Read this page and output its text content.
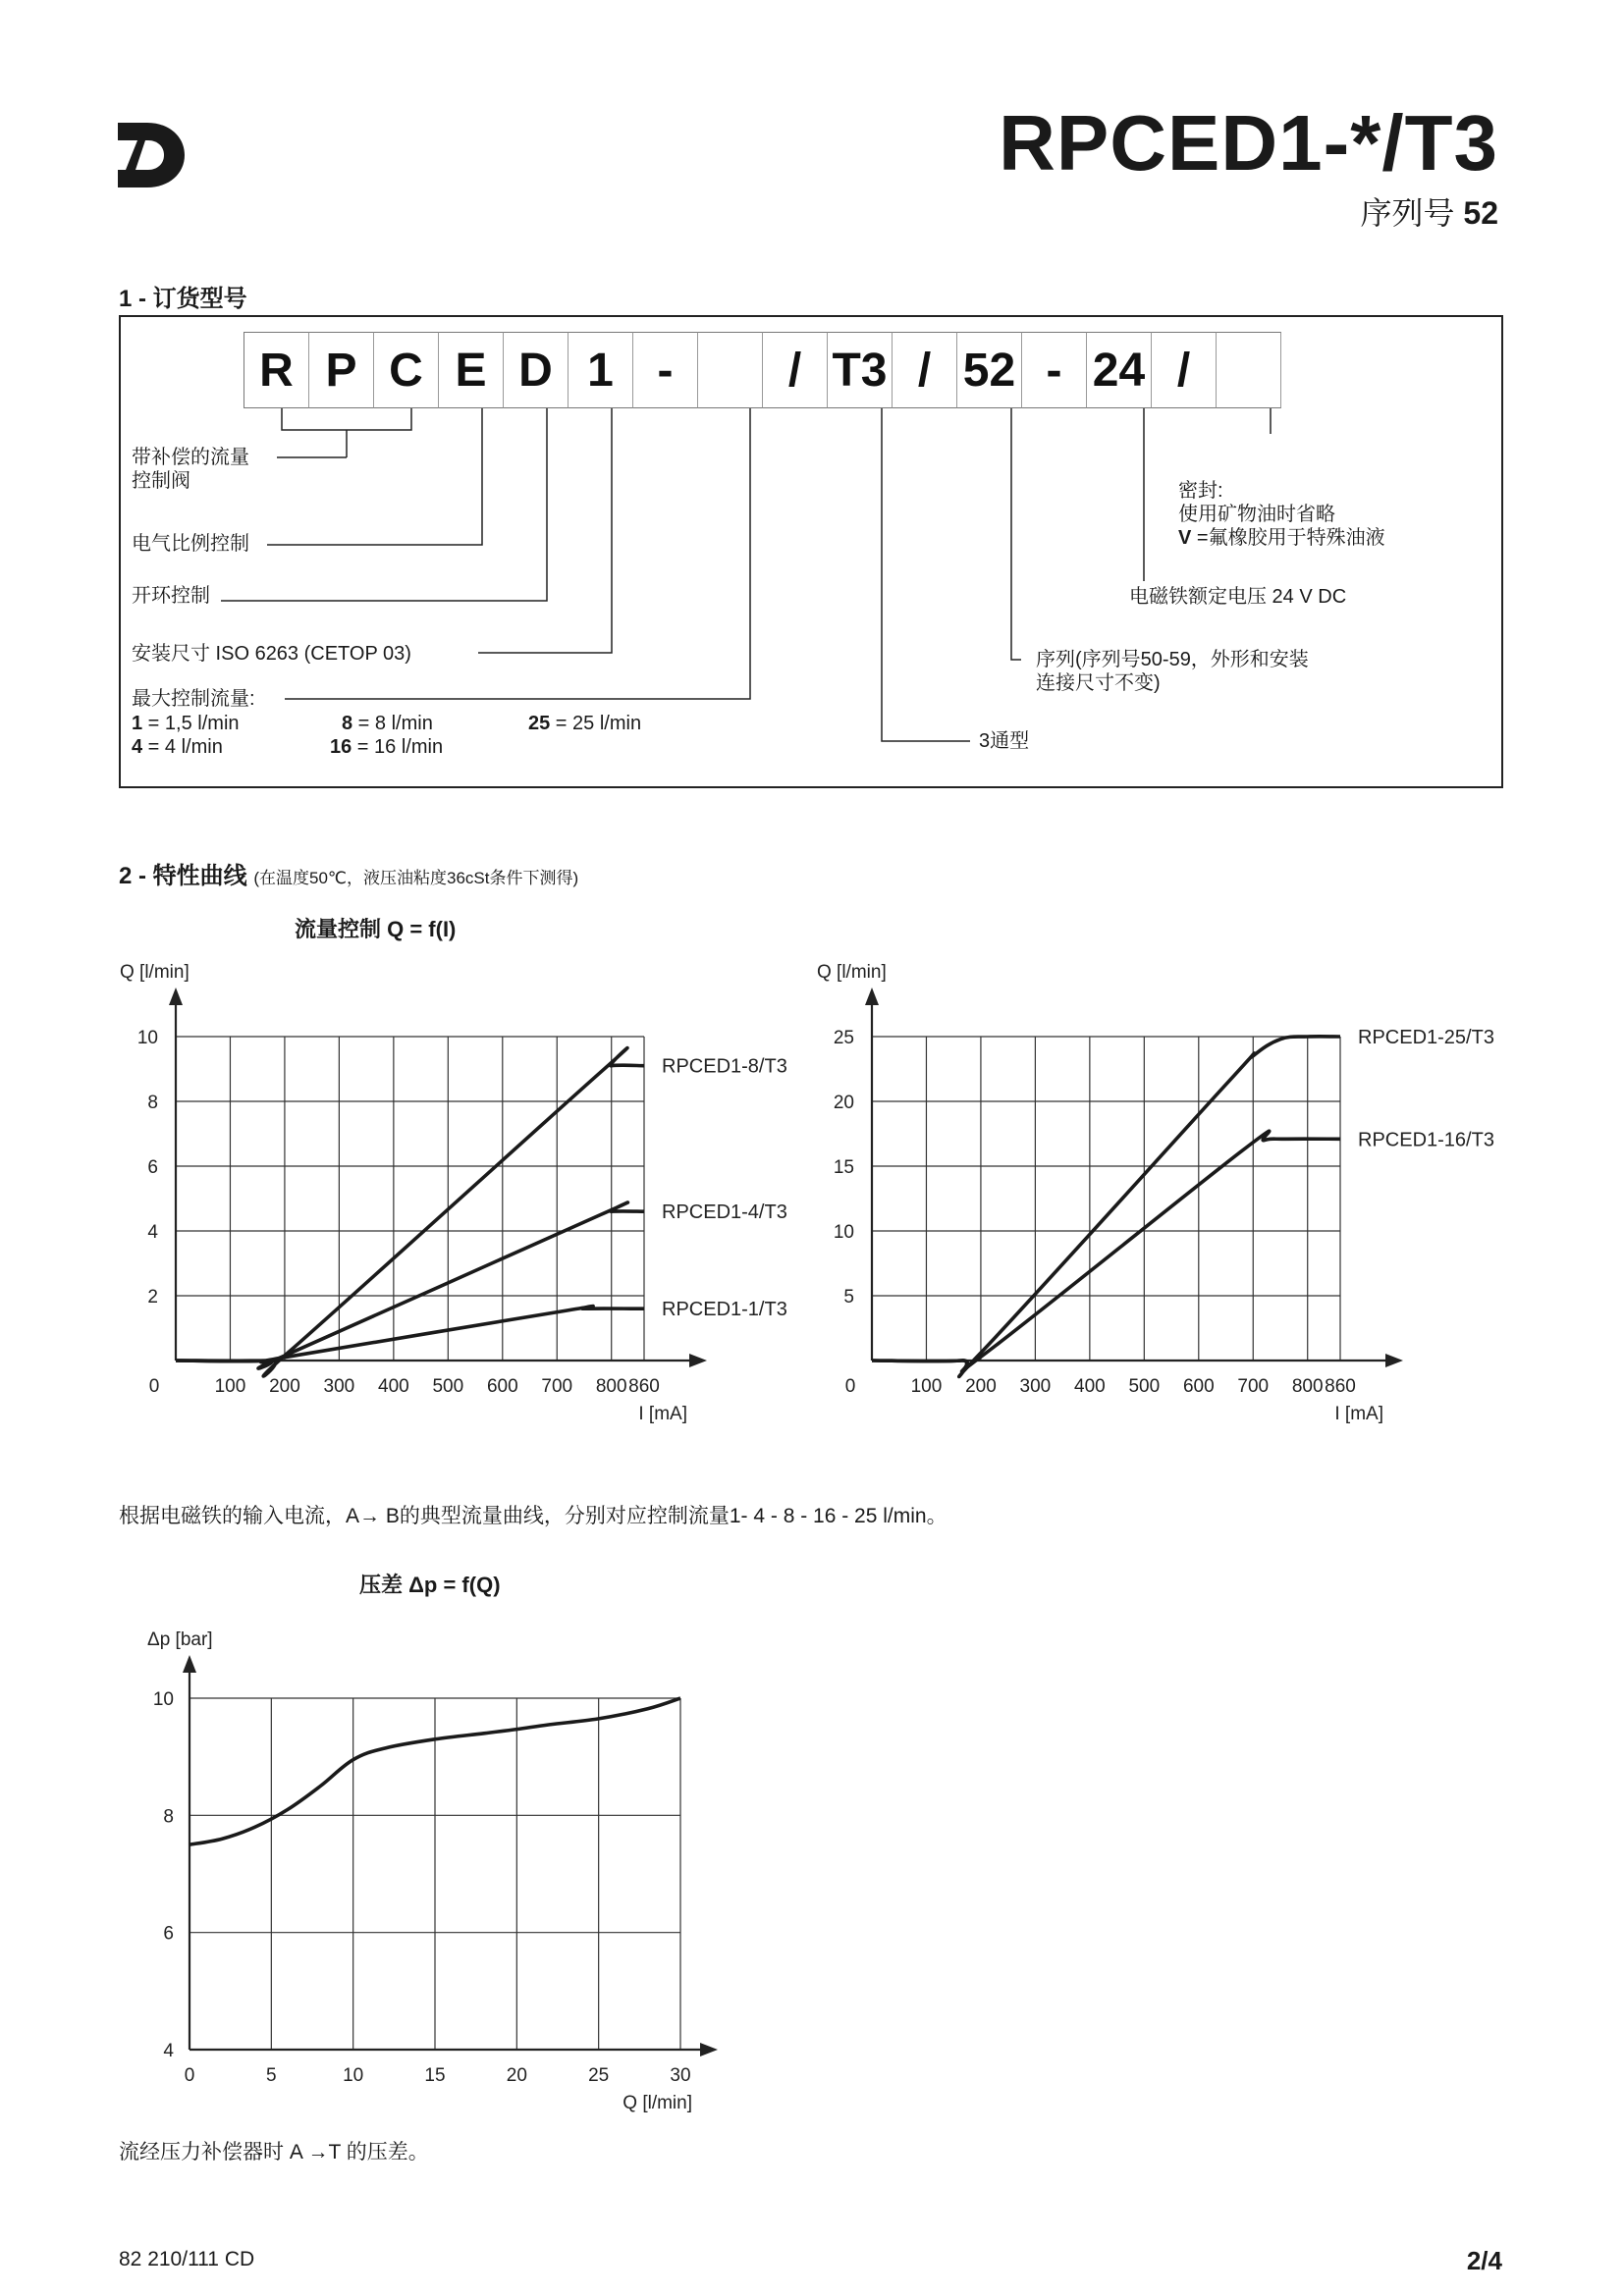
RPCED1-*/T3
序列号 52
1 - 订货型号
R P C E D 1 -	/ T3 / 52 - 24 /
带补偿的流量
控制阀
电气比例控制
开环控制
安装尺寸 ISO 6263 (CETOP 03)
最大控制流量:
1 = 1,5 l/min
4 = 4 l/min
8 = 8 l/min
16 = 16 l/min
25 = 25 l/min
密封:
使用矿物油时省略
V =氟橡胶用于特殊油液
电磁铁额定电压 24 V DC
序列(序列号50-59，外形和安装
连接尺寸不变)
3通型
2 - 特性曲线 (在温度50℃，液压油粘度36cSt条件下测得)
流量控制 Q = f(I)
0	100 200 300 400 500 600 700 800 860
2
4
6
8
10
I [mA]
Q [l/min]
RPCED1-8/T3
RPCED1-4/T3
RPCED1-1/T3
0	100 200 300 400 500 600 700 800 860
5
10
15
20
25
I [mA]
Q [l/min]
RPCED1-25/T3
RPCED1-16/T3
根据电磁铁的输入电流，A→ B的典型流量曲线，分别对应控制流量1- 4 - 8 - 16 - 25 l/min。
压差 Δp = f(Q)
0	5	10	15	20	25	30
4
6
8
10
Q [l/min]
Δp [bar]
流经压力补偿器时 A →T 的压差。
82 210/111 CD	2/4
